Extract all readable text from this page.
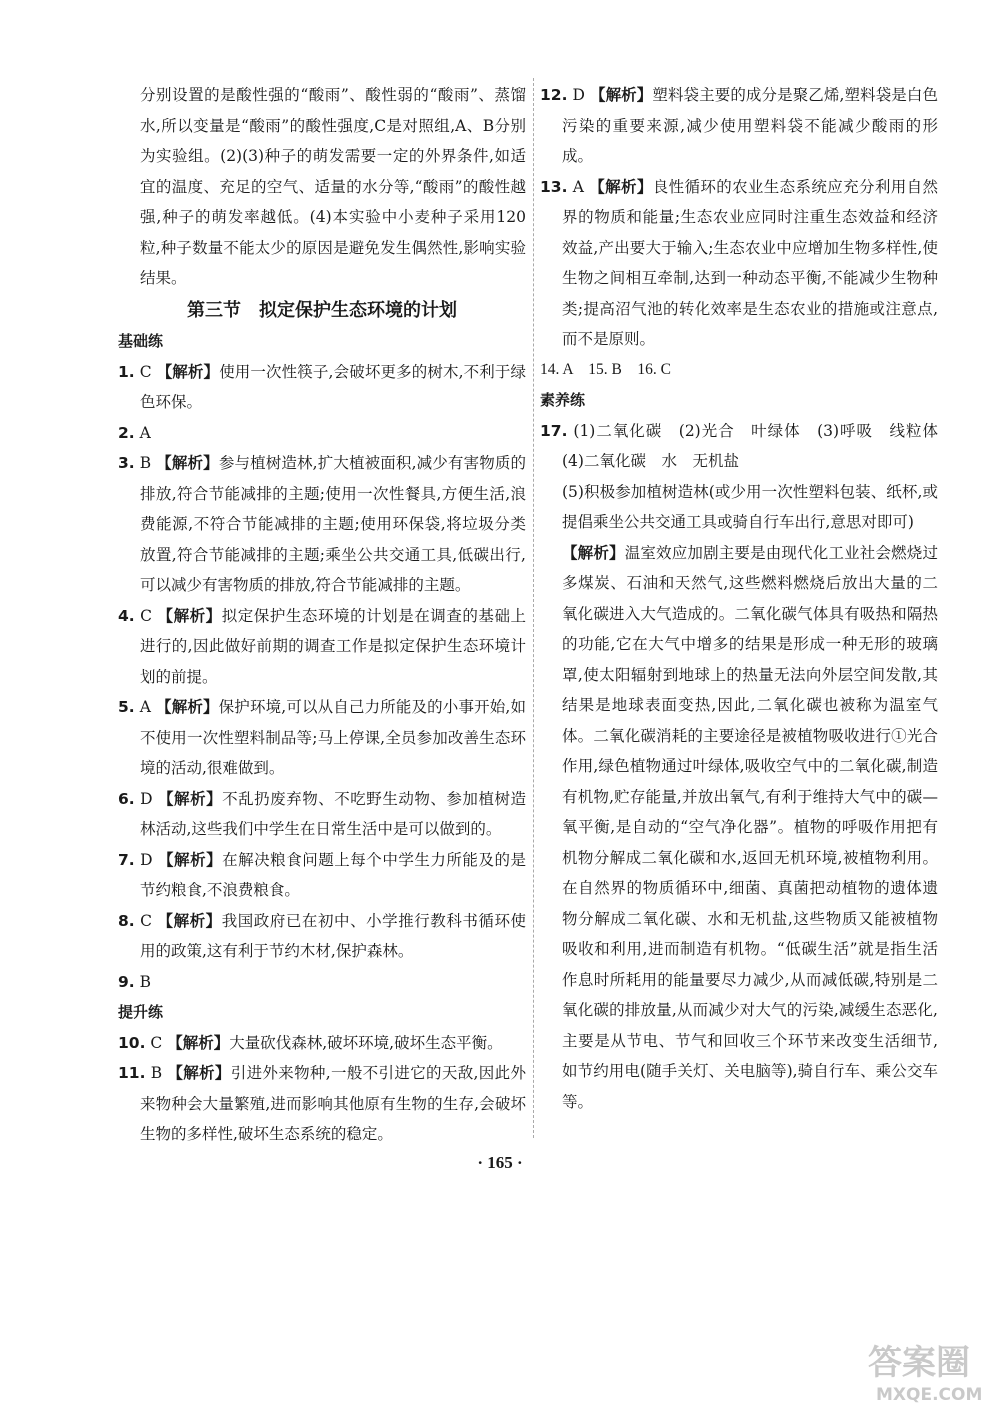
分别设置的是酸性强的“酸雨”、酸性弱的“酸雨”、蒸馏水,所以变量是“酸雨”的酸性强度,C是对照组,A、B分别为实验组。(2)(3)种子的萌发需要一定的外界条件,如适宜的温度、充足的空气、适量的水分等,“酸雨”的酸性越强,种子的萌发率越低。(4)本实验中小麦种子采用120粒,种子数量不能太少的原因是避免发生偶然性,影响实验结果。
第三节　拟定保护生态环境的计划
基础练
1. C 【解析】使用一次性筷子,会破坏更多的树木,不利于绿色环保。
2. A
3. B 【解析】参与植树造林,扩大植被面积,减少有害物质的排放,符合节能减排的主题;使用一次性餐具,方便生活,浪费能源,不符合节能减排的主题;使用环保袋,将垃圾分类放置,符合节能减排的主题;乘坐公共交通工具,低碳出行,可以减少有害物质的排放,符合节能减排的主题。
4. C 【解析】拟定保护生态环境的计划是在调查的基础上进行的,因此做好前期的调查工作是拟定保护生态环境计划的前提。
5. A 【解析】保护环境,可以从自己力所能及的小事开始,如不使用一次性塑料制品等;马上停课,全员参加改善生态环境的活动,很难做到。
6. D 【解析】不乱扔废弃物、不吃野生动物、参加植树造林活动,这些我们中学生在日常生活中是可以做到的。
7. D 【解析】在解决粮食问题上每个中学生力所能及的是节约粮食,不浪费粮食。
8. C 【解析】我国政府已在初中、小学推行教科书循环使用的政策,这有利于节约木材,保护森林。
9. B
提升练
10. C 【解析】大量砍伐森林,破坏环境,破坏生态平衡。
11. B 【解析】引进外来物种,一般不引进它的天敌,因此外来物种会大量繁殖,进而影响其他原有生物的生存,会破坏生物的多样性,破坏生态系统的稳定。
12. D 【解析】塑料袋主要的成分是聚乙烯,塑料袋是白色污染的重要来源,减少使用塑料袋不能减少酸雨的形成。
13. A 【解析】良性循环的农业生态系统应充分利用自然界的物质和能量;生态农业应同时注重生态效益和经济效益,产出要大于输入;生态农业中应增加生物多样性,使生物之间相互牵制,达到一种动态平衡,不能减少生物种类;提高沼气池的转化效率是生态农业的措施或注意点,而不是原则。
14. A　15. B　16. C
素养练
17. (1)二氧化碳　(2)光合　叶绿体　(3)呼吸　线粒体　(4)二氧化碳　水　无机盐
(5)积极参加植树造林(或少用一次性塑料包装、纸杯,或提倡乘坐公共交通工具或骑自行车出行,意思对即可)
【解析】温室效应加剧主要是由现代化工业社会燃烧过多煤炭、石油和天然气,这些燃料燃烧后放出大量的二氧化碳进入大气造成的。二氧化碳气体具有吸热和隔热的功能,它在大气中增多的结果是形成一种无形的玻璃罩,使太阳辐射到地球上的热量无法向外层空间发散,其结果是地球表面变热,因此,二氧化碳也被称为温室气体。二氧化碳消耗的主要途径是被植物吸收进行①光合作用,绿色植物通过叶绿体,吸收空气中的二氧化碳,制造有机物,贮存能量,并放出氧气,有利于维持大气中的碳—氧平衡,是自动的“空气净化器”。植物的呼吸作用把有机物分解成二氧化碳和水,返回无机环境,被植物利用。在自然界的物质循环中,细菌、真菌把动植物的遗体遗物分解成二氧化碳、水和无机盐,这些物质又能被植物吸收和利用,进而制造有机物。“低碳生活”就是指生活作息时所耗用的能量要尽力减少,从而减低碳,特别是二氧化碳的排放量,从而减少对大气的污染,减缓生态恶化,主要是从节电、节气和回收三个环节来改变生活细节,如节约用电(随手关灯、关电脑等),骑自行车、乘公交车等。
· 165 ·
答案圈
MXQE.COM
